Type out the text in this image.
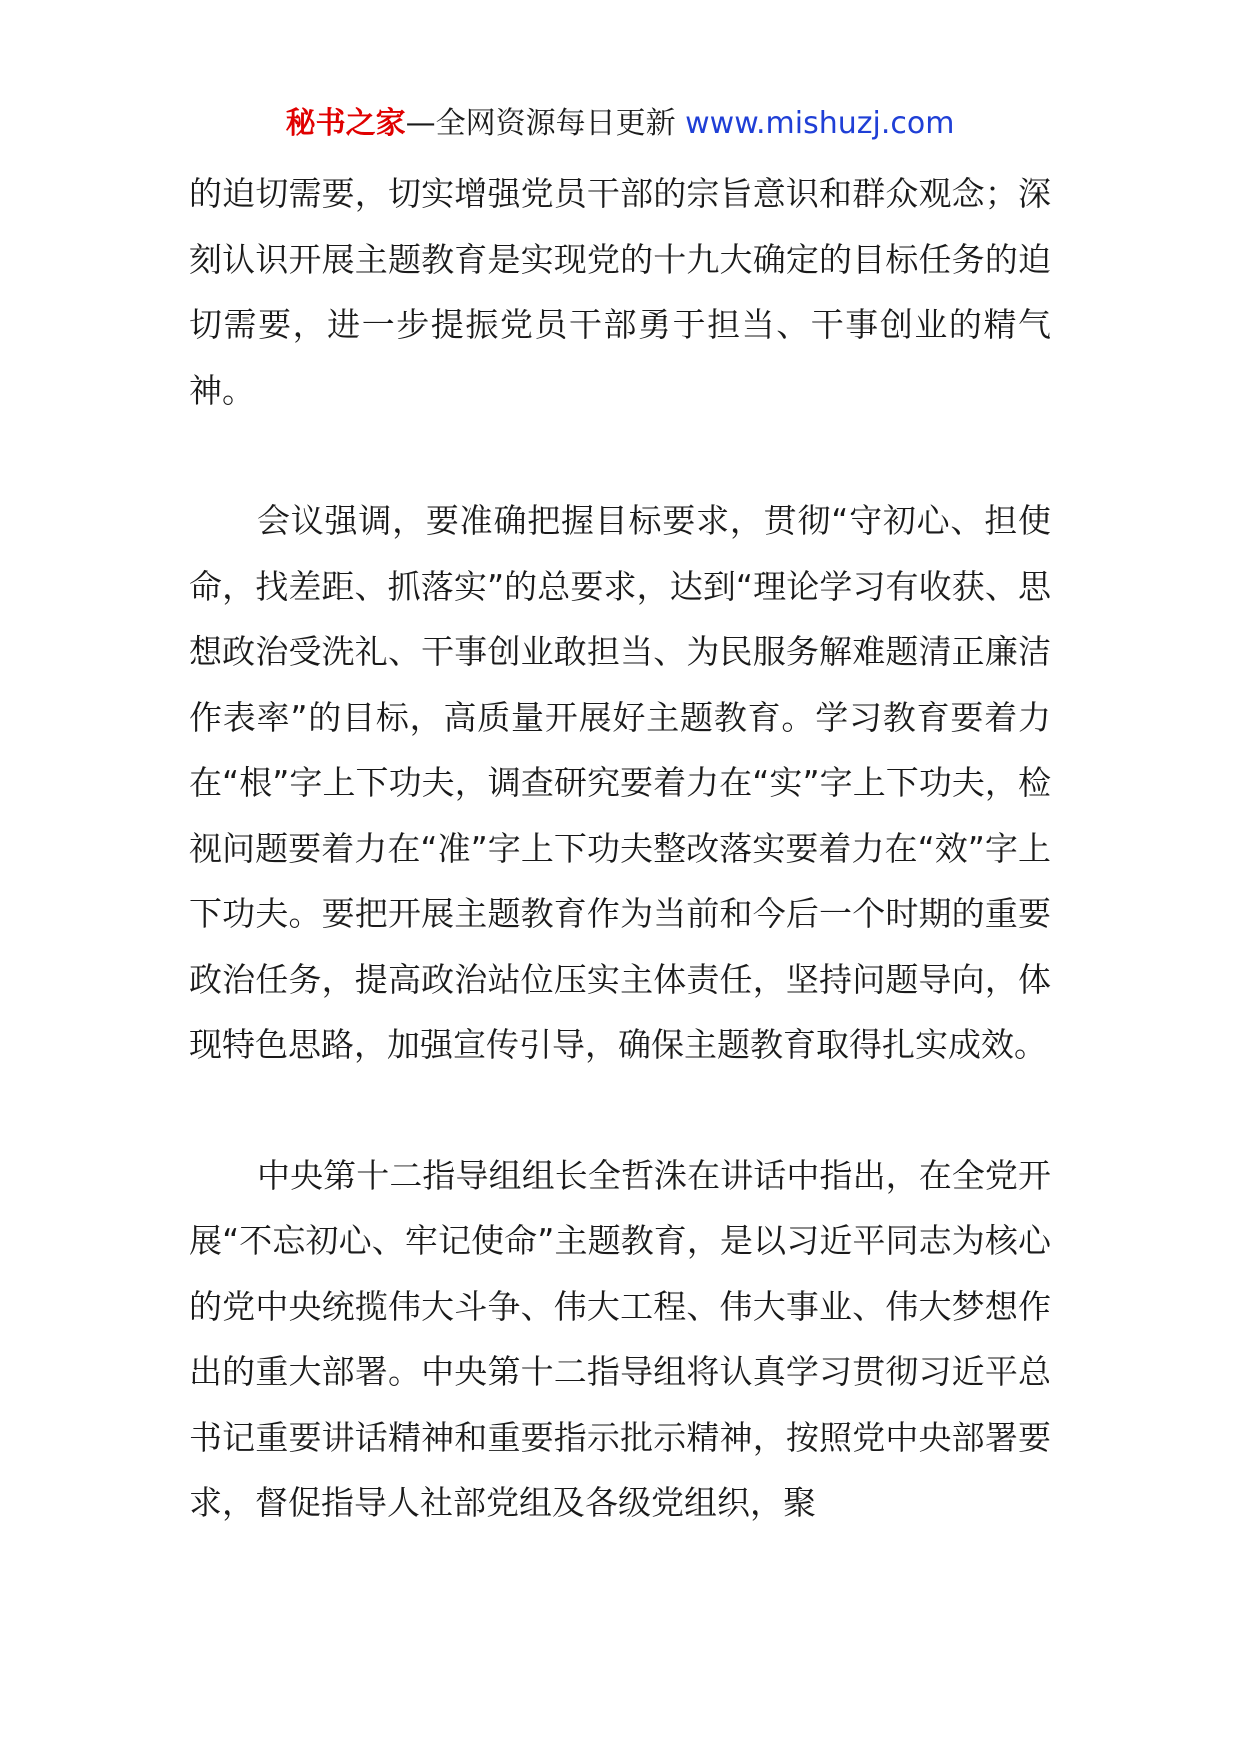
秘书之家—全网资源每日更新 www.mishuzj.com

的迫切需要，切实增强党员干部的宗旨意识和群众观念；深刻认识开展主题教育是实现党的十九大确定的目标任务的迫切需要，进一步提振党员干部勇于担当、干事创业的精气神。

会议强调，要准确把握目标要求，贯彻“守初心、担使命，找差距、抓落实”的总要求，达到“理论学习有收获、思想政治受洗礼、干事创业敢担当、为民服务解难题清正廉洁作表率”的目标，高质量开展好主题教育。学习教育要着力在“根”字上下功夫，调查研究要着力在“实”字上下功夫，检视问题要着力在“准”字上下功夫整改落实要着力在“效”字上下功夫。要把开展主题教育作为当前和今后一个时期的重要政治任务，提高政治站位压实主体责任，坚持问题导向，体现特色思路，加强宣传引导，确保主题教育取得扎实成效。

中央第十二指导组组长全哲洙在讲话中指出，在全党开展“不忘初心、牢记使命”主题教育，是以习近平同志为核心的党中央统揽伟大斗争、伟大工程、伟大事业、伟大梦想作出的重大部署。中央第十二指导组将认真学习贯彻习近平总书记重要讲话精神和重要指示批示精神，按照党中央部署要求，督促指导人社部党组及各级党组织，聚
